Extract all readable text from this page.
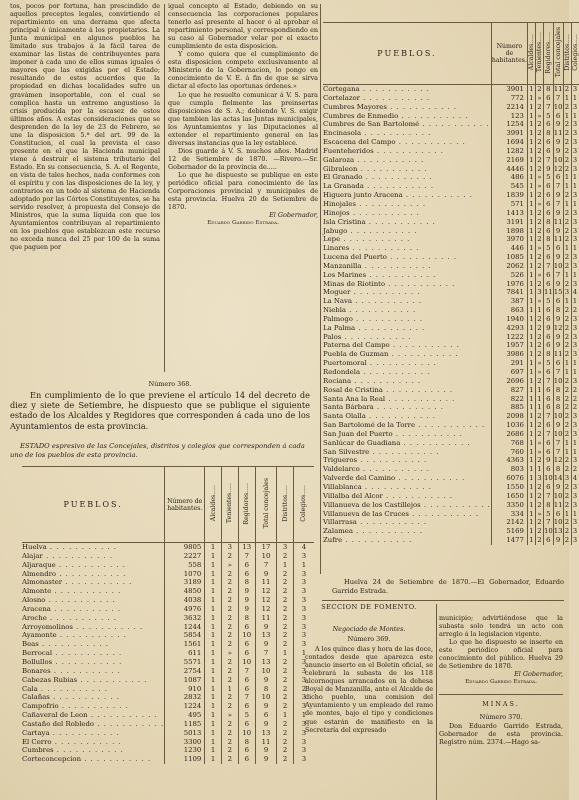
tos, pocos por fortuna, han prescindido de aquellos preceptos legales, convirtiendo el repartimiento en una derrama que afecta principal ó únicamente á los propietarios. La Junta municipal en algunos pueblos ha limitado sus trabajos á la fácil tarea de examinar las listas de contribuyentes para imponer á cada uno de ellos sumas iguales ó mayores que las exigidas por el Estado; resultando de estos acuerdos que la propiedad en dichas localidades sufre un gravámen insoportable, con el cual se complica hasta un extremo angustioso la crisis producida por la escasez de estos últimos años. A estas consideraciones que se desprenden de la ley de 23 de Febrero, se une la disposicion 5.ª del art. 99 de la Constitucion, el cual la prevista el caso presente en el que la Hacienda municipal viene á destruir el sistema tributario del Estado. En su consecuencia, S. A. el Regente, en vista de tales hechos, nada conformes con el espíritu y con las disposiciones de la ley, y contrarios en un todo al sistema de Hacienda adoptado por las Córtes Constituyentes, se ha servido resolver, á propuesta del Consejo de Ministros, que la suma líquida con que los Ayuntamientos contribuyan al repartimiento en los pueblos que establezcan este recurso no exceda nunca del 25 por 100 de la suma que paguen por

igual concepto al Estado, debiendo en su consecuencia las corporaciones populares tenerlo así presente al hacer ó al aprobar el repartimiento personal, y correspondiendo en su caso al Gobernador velar por el exacto cumplimiento de esta disposicion.

Y como quiera que el cumplimiento de esta disposicion compete exclusivamente al Ministerio de la Gobernacion, lo pongo en conocimiento de V. E. á fin de que se sirva dictar al efecto las oportunas órdenes.»

Lo que he resuelto comunicar á V. S. para que cumpla fielmente las preinsertas disposiciones de S. A.; debiendo V. S. exigir que tambien las actas las Juntas municipales, los Ayuntamientos y las Diputaciones al extender el repartimiento general en las diversas instancias que la ley establece.

Dios guarde á V. S. muchos años. Madrid 12 de Setiembre de 1870. —Rivero.—Sr. Gobernador de la provincia de.....

Lo que he dispuesto se publique en este periódico oficial para conocimiento de las Corporaciones provincial y municipales de esta provincia. Huelva 20 de Setiembre de 1870.

El Gobernador,

Eduardo Garrido Estrada.

Número 368.

En cumplimiento de lo que previene el artículo 14 del decreto de diez y siete de Setiembre, he dispuesto que se publique el siguiente estado de los Alcaldes y Regidores que corresponden á cada uno de los Ayuntamientos de esta provincia.

ESTADO espresivo de las Concejales, distritos y colegios que corresponden á cada uno de los pueblos de esta provincia.

PUEBLOS.	Número de habitantes.	Alcaldes.....	Tenientes.....	Regidores.....	Total concejales	Distritos.....	Colegios.....
Huelva . . . . . . . . . . .	9805	1	3	13	17	3	4
Alajar . . . . . . . . . . .	2227	1	2	7	10	2	3
Aljaraque . . . . . . . . . . .	558	1	»	6	7	1	1
Almendro . . . . . . . . . . .	1070	1	2	6	9	2	3
Almonaster . . . . . . . . . . .	3189	1	2	8	11	2	3
Almonte . . . . . . . . . . .	4850	1	2	9	12	2	3
Alosno . . . . . . . . . . .	4038	1	2	9	12	2	3
Aracena . . . . . . . . . . .	4976	1	2	9	12	2	3
Aroche . . . . . . . . . . .	3632	1	2	8	11	2	3
Arroyomolinos . . . . . . . . . . .	1244	1	2	6	9	2	3
Ayamonte . . . . . . . . . . .	5854	1	2	10	13	2	3
Beas . . . . . . . . . . .	1561	1	2	6	9	2	3
Berrocal . . . . . . . . . . .	611	1	»	6	7	1	1
Bollullos . . . . . . . . . . .	5571	1	2	10	13	2	3
Bonares . . . . . . . . . . .	2754	1	2	7	10	2	3
Cabezas Rubias . . . . . . . . . . .	1087	1	2	6	9	2	3
Cala . . . . . . . . . . .	910	1	1	6	8	2	2
Calañas . . . . . . . . . . .	2832	1	2	7	10	2	3
Campofrio . . . . . . . . . . .	1224	1	2	6	9	2	3
Cañaveral de Leon . . . . . . . . . . .	495	1	»	5	6	1	1
Castaño del Robledo . . . . . . . . . . .	1185	1	2	6	9	2	3
Cartaya . . . . . . . . . . .	5013	1	2	10	13	2	3
El Cerro . . . . . . . . . . .	3300	1	2	8	11	2	3
Cumbres . . . . . . . . . . .	1230	1	2	6	9	2	3
Corteconcepcion . . . . . . . . . . .	1109	1	2	6	9	2	3
PUEBLOS.	Número de habitantes.	Alcaldes.....	Tenientes.....	Regidores.....	Total concejales	Distritos.....	Colegios.....
Cortegana . . . . . . . . . . .	3901	1	2	8	11	2	3
Cortelazor . . . . . . . . . . .	772	1	»	6	7	1	1
Cumbres Mayores . . . . . . . . . . .	2214	1	2	7	10	2	3
Cumbres de Enmedio . . . . . . . . . . .	123	1	»	5	6	1	1
Cumbres de San Bartolomé . . . . . . . . . . .	1254	1	2	6	9	2	3
Encinasola . . . . . . . . . . .	3991	1	2	8	11	2	3
Escacena del Campo . . . . . . . . . . .	1694	1	2	6	9	2	3
Fuenteheridos . . . . . . . . . . .	1282	1	2	6	9	2	3
Galaroza . . . . . . . . . . .	2169	1	2	7	10	2	3
Gibraleon . . . . . . . . . . .	4446	1	2	9	12	2	3
El Granado . . . . . . . . . . .	486	1	»	5	6	1	1
La Granada . . . . . . . . . . .	545	1	»	6	7	1	1
Higuera junto Aracena . . . . . . . . . . .	1839	1	2	6	9	2	3
Hinojales . . . . . . . . . . .	571	1	»	6	7	1	1
Hinojos . . . . . . . . . . .	1413	1	2	6	9	2	3
Isla Cristina . . . . . . . . . . .	3191	1	2	8	11	2	3
Jabugo . . . . . . . . . . .	1898	1	2	6	9	2	3
Lepe . . . . . . . . . . .	3970	1	2	8	11	2	3
Linares . . . . . . . . . . .	446	1	»	5	6	1	1
Lucena del Puerto . . . . . . . . . . .	1085	1	2	6	9	2	3
Manzanilla . . . . . . . . . . .	2062	1	2	7	10	2	3
Los Marines . . . . . . . . . . .	526	1	»	6	7	1	1
Minas de Riotinto . . . . . . . . . . .	1976	1	2	6	9	2	3
Moguer . . . . . . . . . . .	7841	1	3	11	15	3	4
La Nava . . . . . . . . . . .	387	1	»	5	6	1	1
Niebla . . . . . . . . . . .	863	1	1	6	8	2	2
Palmogo . . . . . . . . . . .	1940	1	2	6	9	2	3
La Palma . . . . . . . . . . .	4293	1	2	9	12	2	3
Palos . . . . . . . . . . .	1222	1	2	6	9	2	3
Paterna del Campo . . . . . . . . . . .	1957	1	2	6	9	2	3
Puebla de Guzman . . . . . . . . . . .	3986	1	2	8	11	2	3
Puertomoral . . . . . . . . . . .	291	1	»	5	6	1	1
Redondela . . . . . . . . . . .	697	1	»	6	7	1	1
Rociana . . . . . . . . . . .	2696	1	2	7	10	2	3
Rosal de Cristina . . . . . . . . . . .	827	1	1	6	8	2	2
Santa Ana la Real . . . . . . . . . . .	822	1	1	6	8	2	2
Santa Bárbara . . . . . . . . . . .	885	1	1	6	8	2	2
Santa Olalla . . . . . . . . . . .	2098	1	2	7	10	2	3
San Bartolomé de la Torre . . . . . . . . . . .	1036	1	2	6	9	2	3
San Juan del Puerto . . . . . . . . . . .	2686	1	2	7	10	2	3
Sanlúcar de Guadiana . . . . . . . . . . .	768	1	»	6	7	1	1
San Silvestre . . . . . . . . . . .	760	1	»	6	7	1	1
Trigueros . . . . . . . . . . .	4363	1	2	9	12	2	3
Valdelarco . . . . . . . . . . .	803	1	1	6	8	2	2
Valverde del Camino . . . . . . . . . . .	6076	1	3	10	14	3	4
Villablanca . . . . . . . . . . .	1550	1	2	6	9	2	3
Villalba del Alcor . . . . . . . . . . .	1650	1	2	7	10	2	3
Villanueva de los Castillejos . . . . . . . . . . .	3350	1	2	8	11	2	3
Villanueva de las Cruces . . . . . . . . . . .	334	1	»	5	6	1	1
Villarrasa . . . . . . . . . . .	2142	1	2	7	10	2	3
Zalamea . . . . . . . . . . .	5169	1	2	10	13	2	3
Zufre . . . . . . . . . . .	1477	1	2	6	9	2	3
Huelva 24 de Setiembre de 1870.—El Gobernador, Eduardo Garrido Estrada.
SECCION DE FOMENTO.

Negociado de Montes.

Número 369.

A los quince dias y hora de las doce, contados desde que aparezca este anuncio inserto en el Boletin oficial, se celebrará la subasta de los 118 alcornoques arrancados en la dehesa Boyal de Manzanilla, ante el Alcalde de dicho pueblo, una comision del Ayuntamiento y un empleado del ramo de montes, bajo el tipo y condiciones que estarán de manifiesto en la Secretaría del expresado

municipio; advirtiéndose que la subasta solo tendrá un acto con arreglo á la legislacion vigente.

Lo que he dispuesto se inserte en este periódico oficial para conocimiento del público. Huelva 29 de Setiembre de 1870.

El Gobernador,

Eduardo Garrido Estrada.

MINAS.

Número 370.

Don Eduardo Garrido Estrada, Gobernador de esta provincia. Registro núm. 2374.—Hago sa-
